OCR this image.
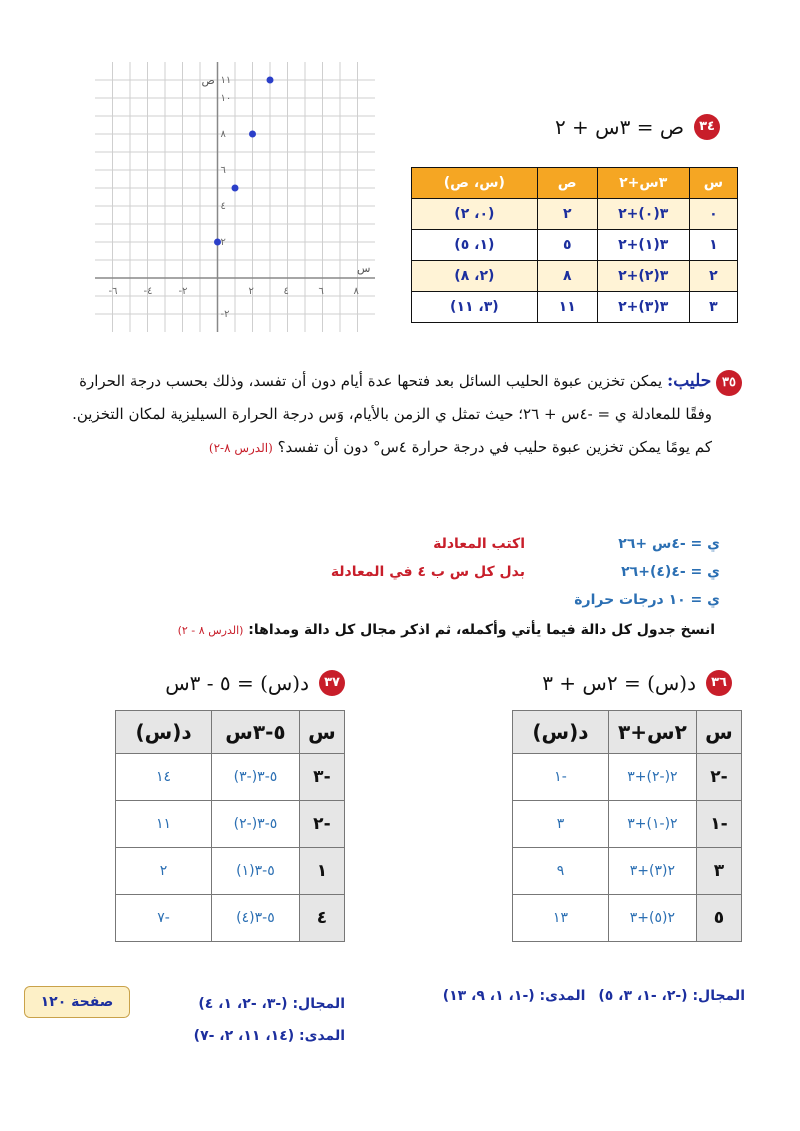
-٦	-٤	-٢	٢	٤	٦	٨
١١
١٠
٨
٦
٤
٢
-٢
س
ص
٣٤
ص = ٣س + ٢
س	٣س+٢	ص	(س، ص)
٠	٣(٠)+٢	٢	(٠، ٢)
١	٣(١)+٢	٥	(١، ٥)
٢	٣(٢)+٢	٨	(٢، ٨)
٣	٣(٣)+٢	١١	(٣، ١١)
٣٥ حليب: يمكن تخزين عبوة الحليب السائل بعد فتحها عدة أيام دون أن تفسد، وذلك بحسب درجة الحرارة
وفقًا للمعادلة ي = -٤س + ٢٦؛ حيث تمثل ي الزمن بالأيام، وَس درجة الحرارة السيليزية لمكان التخزين.
كم يومًا يمكن تخزين عبوة حليب في درجة حرارة ٤س° دون أن تفسد؟ (الدرس ٨-٢)
ي = -٤س +٢٦
اكتب المعادلة
ي = -٤(٤)+٢٦
بدل كل س ب ٤ في المعادلة
ي = ١٠ درجات حرارة
انسخ جدول كل دالة فيما يأتي وأكمله، ثم اذكر مجال كل دالة ومداها: (الدرس ٨ - ٢)
٣٦
د(س) = ٢س + ٣
س	٢س+٣	د(س)
-٢	٢(-٢)+٣	-١
-١	٢(-١)+٣	٣
٣	٢(٣)+٣	٩
٥	٢(٥)+٣	١٣
٣٧
د(س) = ٥ - ٣س
س	٥-٣س	د(س)
-٣	٥-٣(-٣)	١٤
-٢	٥-٣(-٢)	١١
١	٥-٣(١)	٢
٤	٥-٣(٤)	-٧
المجال: (-٢، -١، ٣، ٥) المدى: (-١، ١، ٩، ١٣)
المجال: (-٣، -٢، ١، ٤)
المدى: (١٤، ١١، ٢، -٧)
صفحة ١٢٠
